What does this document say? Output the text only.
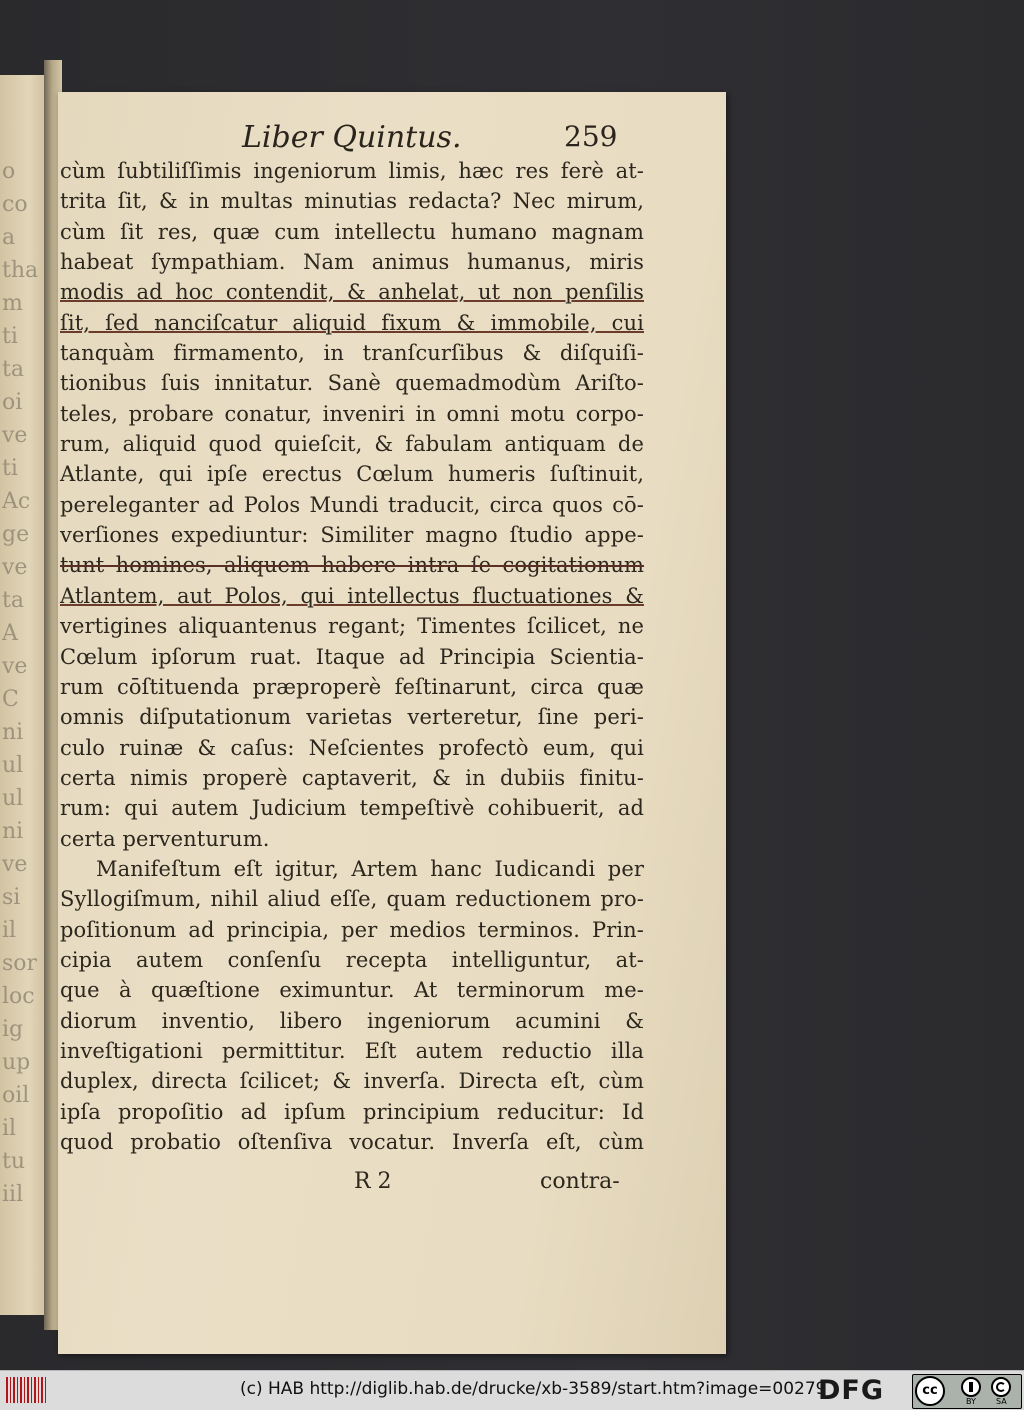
o
co
a
tha
m
ti
ta
oi
ve
ti
Ac
ge
ve
ta
A
ve
C
ni
ul
ul
ni
ve
si
il
sor
loc
ig
up
oil
il
tu
iil
Liber Quintus.	259
cùm ſubtiliſſimis ingeniorum limis, hæc res ferè at-
trita ſit, & in multas minutias redacta? Nec mirum,
cùm ſit res, quæ cum intellectu humano magnam
habeat ſympathiam. Nam animus humanus, miris
modis ad hoc contendit, & anhelat, ut non penſilis
ſit, ſed nanciſcatur aliquid fixum & immobile, cui
tanquàm firmamento, in tranſcurſibus & diſquiſi-
tionibus ſuis innitatur. Sanè quemadmodùm Ariſto-
teles, probare conatur, inveniri in omni motu corpo-
rum, aliquid quod quieſcit, & fabulam antiquam de
Atlante, qui ipſe erectus Cœlum humeris ſuſtinuit,
pereleganter ad Polos Mundi traducit, circa quos cō-
verſiones expediuntur: Similiter magno ſtudio appe-
tunt homines, aliquem habere intra ſe cogitationum
Atlantem, aut Polos, qui intellectus fluctuationes &
vertigines aliquantenus regant; Timentes ſcilicet, ne
Cœlum ipſorum ruat. Itaque ad Principia Scientia-
rum cōſtituenda præproperè feſtinarunt, circa quæ
omnis diſputationum varietas verteretur, ſine peri-
culo ruinæ & caſus: Neſcientes profectò eum, qui
certa nimis properè captaverit, & in dubiis finitu-
rum: qui autem Judicium tempeſtivè cohibuerit, ad
certa perventurum.
Manifeſtum eſt igitur, Artem hanc Iudicandi per
Syllogiſmum, nihil aliud eſſe, quam reductionem pro-
poſitionum ad principia, per medios terminos. Prin-
cipia autem conſenſu recepta intelliguntur, at-
que à quæſtione eximuntur. At terminorum me-
diorum inventio, libero ingeniorum acumini &
inveſtigationi permittitur. Eſt autem reductio illa
duplex, directa ſcilicet; & inverſa. Directa eſt, cùm
ipſa propoſitio ad ipſum principium reducitur: Id
quod probatio oſtenſiva vocatur. Inverſa eſt, cùm
R 2	contra-
(c) HAB http://diglib.hab.de/drucke/xb-3589/start.htm?image=00279
DFG	cc
BY	SA
